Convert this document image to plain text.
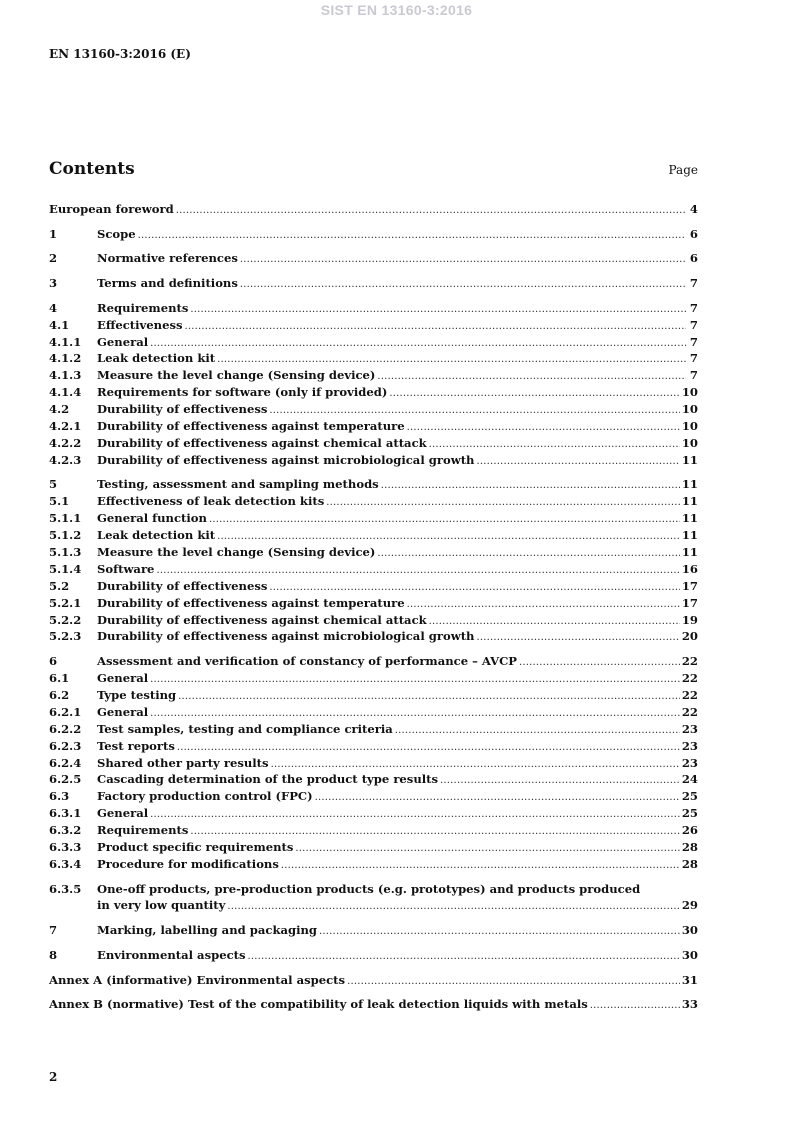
SIST EN 13160-3:2016
EN 13160-3:2016 (E)
Contents	Page
European foreword .....	4
1	Scope .....	6
2	Normative references .....	6
3	Terms and definitions .....	7
4	Requirements .....	7
4.1	Effectiveness .....	7
4.1.1	General .....	7
4.1.2	Leak detection kit .....	7
4.1.3	Measure the level change (Sensing device) .....	7
4.1.4	Requirements for software (only if provided) .....	10
4.2	Durability of effectiveness .....	10
4.2.1	Durability of effectiveness against temperature .....	10
4.2.2	Durability of effectiveness against chemical attack .....	10
4.2.3	Durability of effectiveness against microbiological growth .....	11
5	Testing, assessment and sampling methods .....	11
5.1	Effectiveness of leak detection kits .....	11
5.1.1	General function .....	11
5.1.2	Leak detection kit .....	11
5.1.3	Measure the level change (Sensing device) .....	11
5.1.4	Software .....	16
5.2	Durability of effectiveness .....	17
5.2.1	Durability of effectiveness against temperature .....	17
5.2.2	Durability of effectiveness against chemical attack .....	19
5.2.3	Durability of effectiveness against microbiological growth .....	20
6	Assessment and verification of constancy of performance – AVCP .....	22
6.1	General .....	22
6.2	Type testing .....	22
6.2.1	General .....	22
6.2.2	Test samples, testing and compliance criteria .....	23
6.2.3	Test reports .....	23
6.2.4	Shared other party results .....	23
6.2.5	Cascading determination of the product type results .....	24
6.3	Factory production control (FPC) .....	25
6.3.1	General .....	25
6.3.2	Requirements .....	26
6.3.3	Product specific requirements .....	28
6.3.4	Procedure for modifications .....	28
6.3.5	One-off products, pre-production products (e.g. prototypes) and products produced
in very low quantity .....	29
7	Marking, labelling and packaging .....	30
8	Environmental aspects .....	30
Annex A (informative) Environmental aspects .....	31
Annex B (normative) Test of the compatibility of leak detection liquids with metals .....	33
2
